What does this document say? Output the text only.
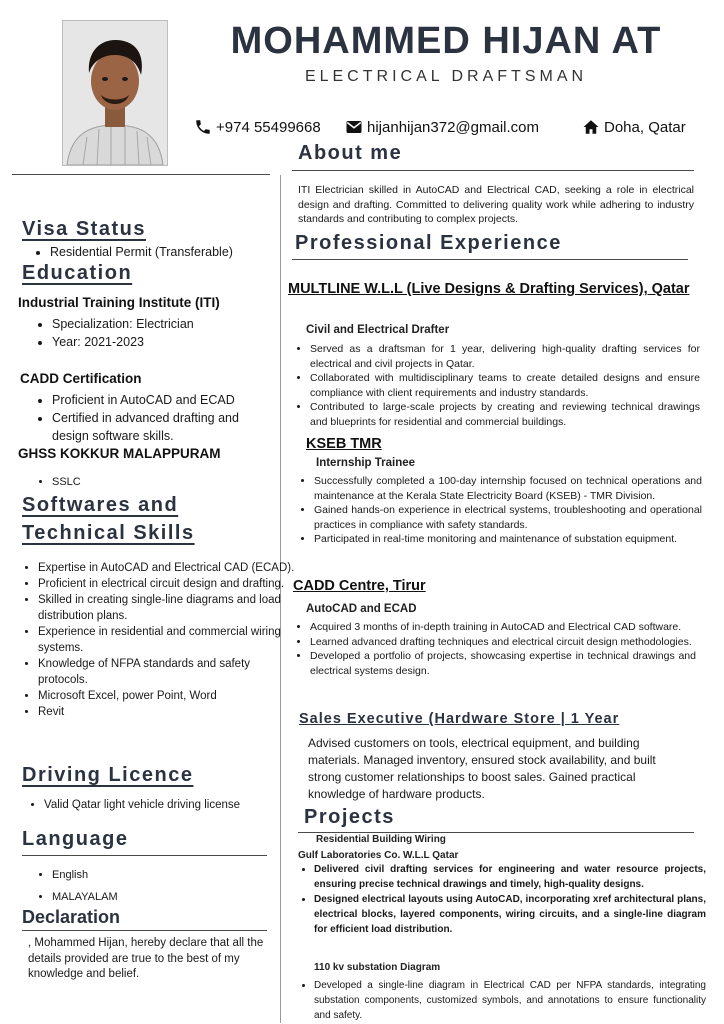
MOHAMMED HIJAN AT
ELECTRICAL DRAFTSMAN
+974 55499668	hijanhijan372@gmail.com	Doha, Qatar
About me
Visa Status
• Residential Permit (Transferable)
Education
Industrial Training Institute (ITI)
• Specialization: Electrician
• Year: 2021-2023
CADD Certification
• Proficient in AutoCAD and ECAD
• Certified in advanced drafting and design software skills.
GHSS KOKKUR MALAPPURAM
• SSLC
Softwares and
Technical Skills
• Expertise in AutoCAD and Electrical CAD (ECAD).
• Proficient in electrical circuit design and drafting.
• Skilled in creating single-line diagrams and load distribution plans.
• Experience in residential and commercial wiring systems.
• Knowledge of NFPA standards and safety protocols.
• Microsoft Excel, power Point, Word
• Revit
Driving Licence
• Valid Qatar light vehicle driving license
Language
• English
• MALAYALAM
Declaration
, Mohammed Hijan, hereby declare that all the details provided are true to the best of my knowledge and belief.
ITI Electrician skilled in AutoCAD and Electrical CAD, seeking a role in electrical design and drafting. Committed to delivering quality work while adhering to industry standards and contributing to complex projects.
Professional Experience
MULTLINE W.L.L (Live Designs & Drafting Services), Qatar
Civil and Electrical Drafter
• Served as a draftsman for 1 year, delivering high-quality drafting services for electrical and civil projects in Qatar.
• Collaborated with multidisciplinary teams to create detailed designs and ensure compliance with client requirements and industry standards.
• Contributed to large-scale projects by creating and reviewing technical drawings and blueprints for residential and commercial buildings.
KSEB TMR
Internship Trainee
• Successfully completed a 100-day internship focused on technical operations and maintenance at the Kerala State Electricity Board (KSEB) - TMR Division.
• Gained hands-on experience in electrical systems, troubleshooting and operational practices in compliance with safety standards.
• Participated in real-time monitoring and maintenance of substation equipment.
CADD Centre, Tirur
AutoCAD and ECAD
• Acquired 3 months of in-depth training in AutoCAD and Electrical CAD software.
• Learned advanced drafting techniques and electrical circuit design methodologies.
• Developed a portfolio of projects, showcasing expertise in technical drawings and electrical systems design.
Sales Executive (Hardware Store | 1 Year
Advised customers on tools, electrical equipment, and building materials. Managed inventory, ensured stock availability, and built strong customer relationships to boost sales. Gained practical knowledge of hardware products.
Projects
Residential Building Wiring
Gulf Laboratories Co. W.L.L Qatar
• Delivered civil drafting services for engineering and water resource projects, ensuring precise technical drawings and timely, high-quality designs.
• Designed electrical layouts using AutoCAD, incorporating xref architectural plans, electrical blocks, layered components, wiring circuits, and a single-line diagram for efficient load distribution.
110 kv substation Diagram
• Developed a single-line diagram in Electrical CAD per NFPA standards, integrating substation components, customized symbols, and annotations to ensure functionality and safety.
